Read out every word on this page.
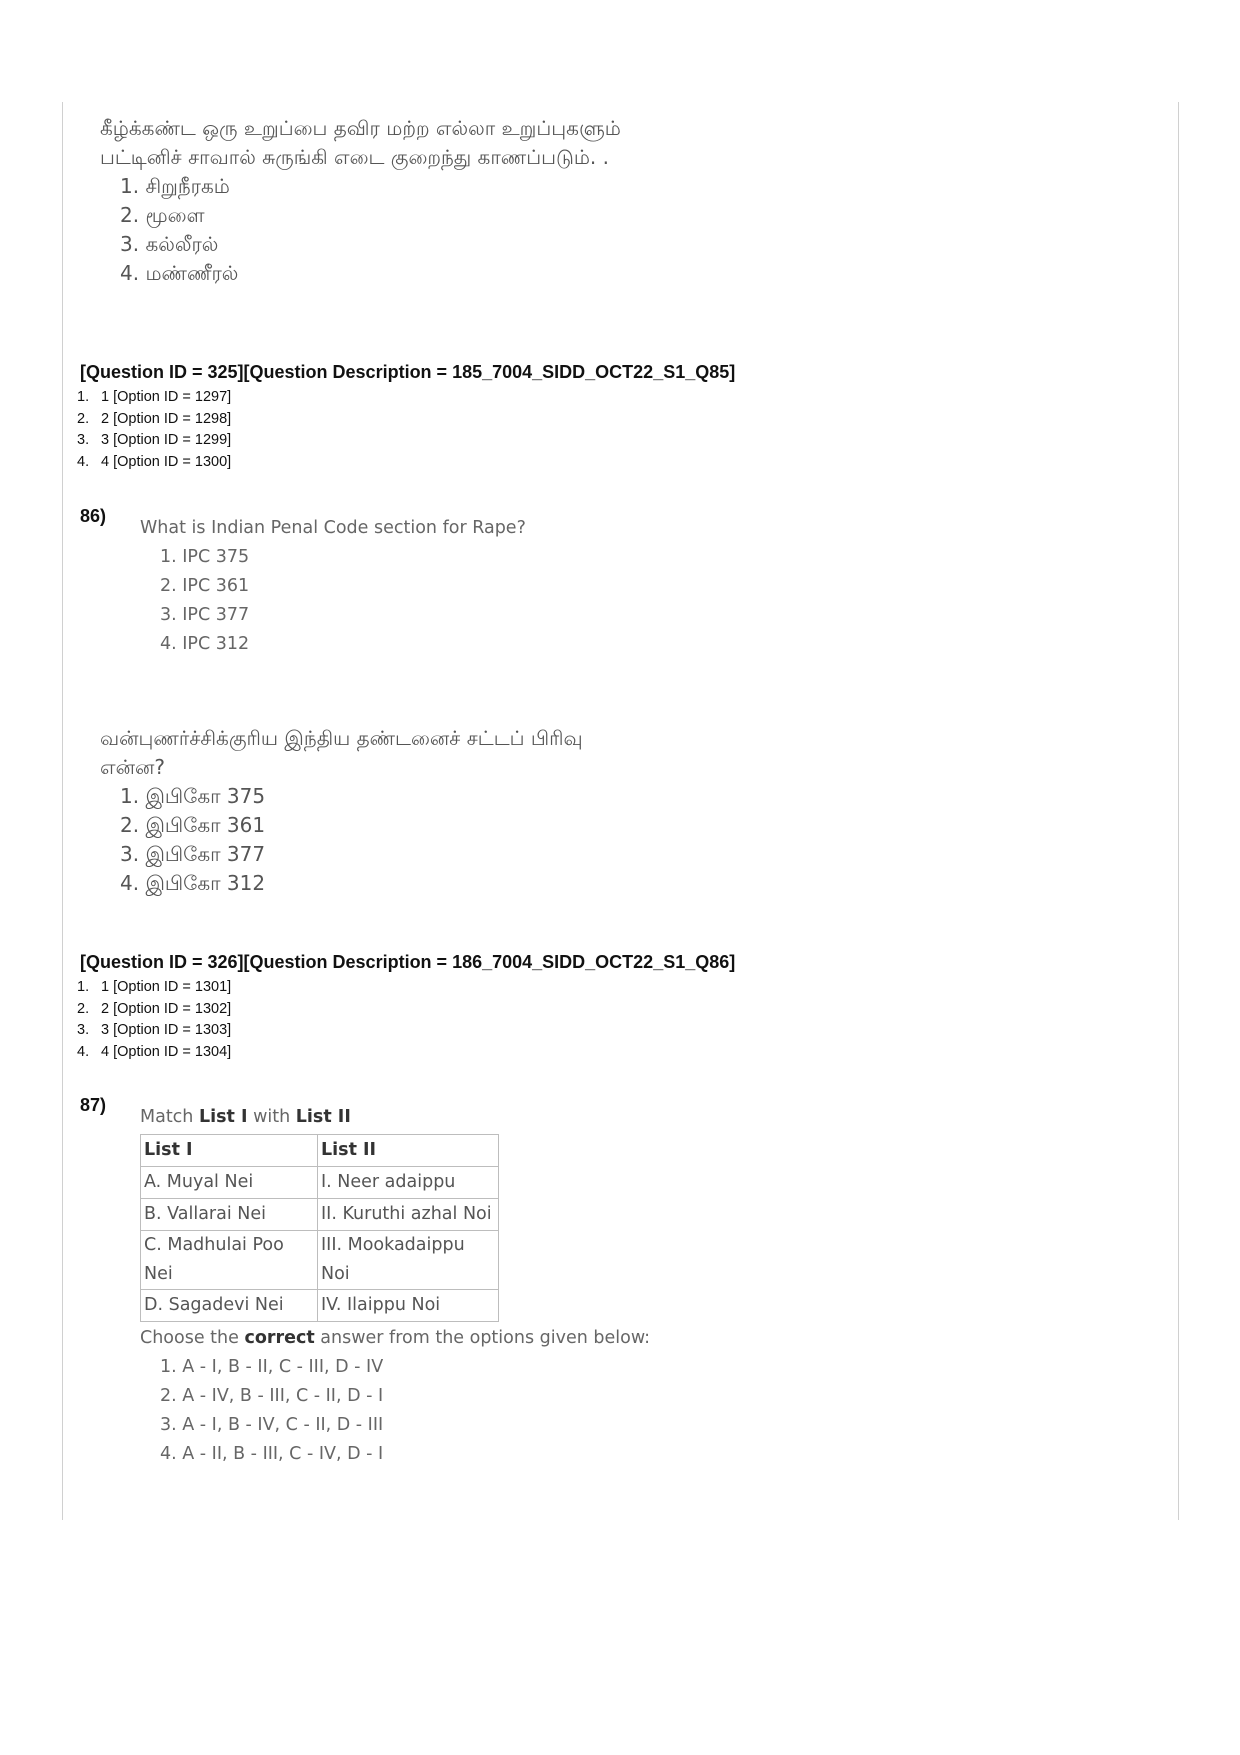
கீழ்க்கண்ட ஒரு உறுப்பை தவிர மற்ற எல்லா உறுப்புகளும்

பட்டினிச் சாவால் சுருங்கி எடை குறைந்து காணப்படும். .

1. சிறுநீரகம்
2. மூளை
3. கல்லீரல்
4. மண்ணீரல்

[Question ID = 325][Question Description = 185_7004_SIDD_OCT22_S1_Q85]

1. 1 [Option ID = 1297]
2. 2 [Option ID = 1298]
3. 3 [Option ID = 1299]
4. 4 [Option ID = 1300]
86)

What is Indian Penal Code section for Rape?

1. IPC 375
2. IPC 361
3. IPC 377
4. IPC 312

வன்புணர்ச்சிக்குரிய இந்திய தண்டனைச் சட்டப் பிரிவு

என்ன?

1. இபிகோ 375
2. இபிகோ 361
3. இபிகோ 377
4. இபிகோ 312

[Question ID = 326][Question Description = 186_7004_SIDD_OCT22_S1_Q86]

1. 1 [Option ID = 1301]
2. 2 [Option ID = 1302]
3. 3 [Option ID = 1303]
4. 4 [Option ID = 1304]
87)

Match List I with List II

List I	List II
A. Muyal Nei	I. Neer adaippu
B. Vallarai Nei	II. Kuruthi azhal Noi
C. Madhulai Poo Nei	III. Mookadaippu Noi
D. Sagadevi Nei	IV. Ilaippu Noi

Choose the correct answer from the options given below:

1. A - I, B - II, C - III, D - IV
2. A - IV, B - III, C - II, D - I
3. A - I, B - IV, C - II, D - III
4. A - II, B - III, C - IV, D - I
